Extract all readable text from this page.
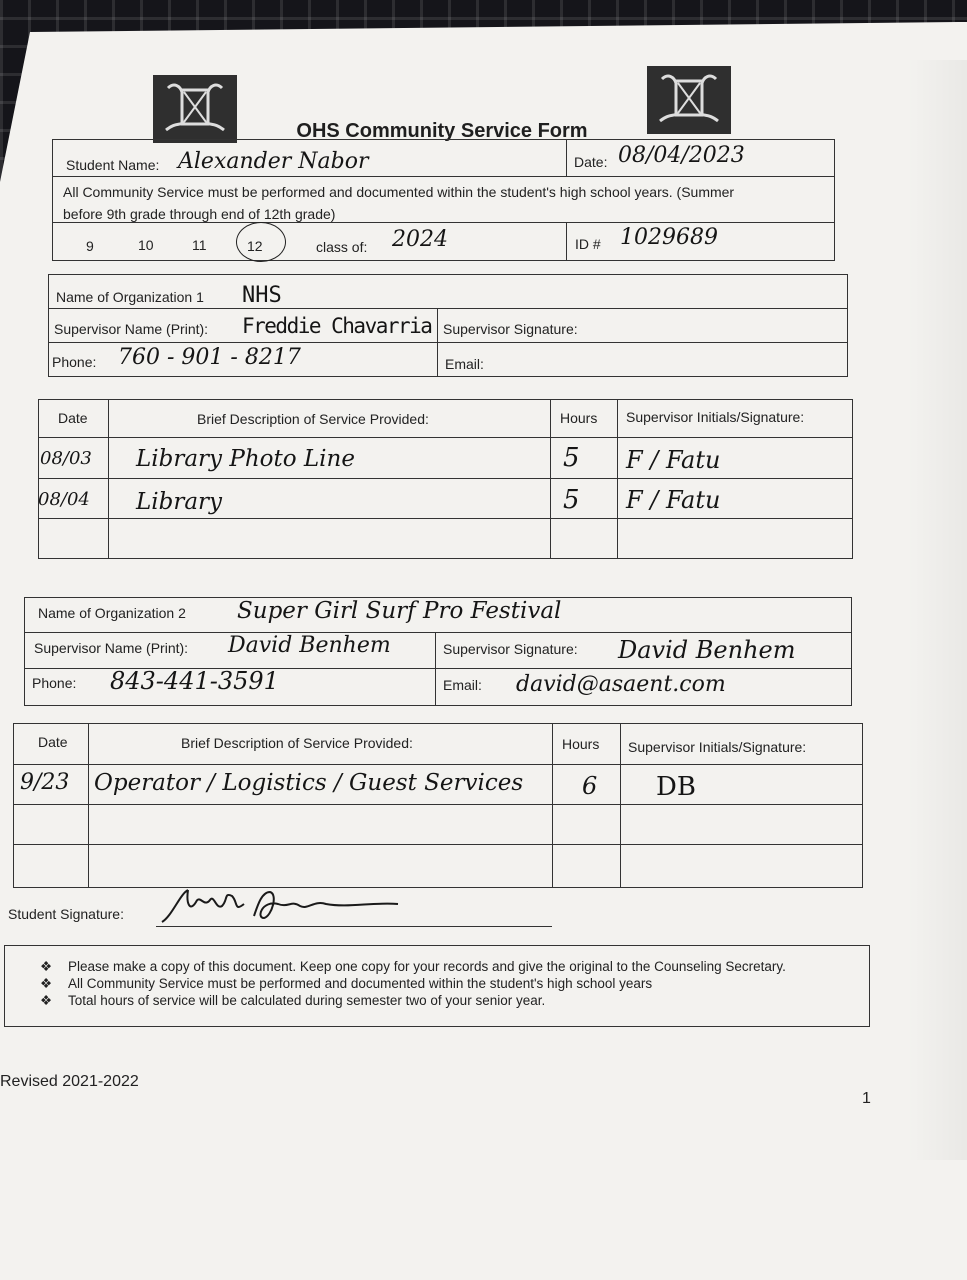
OHS Community Service Form
Student Name: Alexander Nabor	Date: 08/04/2023
All Community Service must be performed and documented within the student's high school years. (Summer
before 9th grade through end of 12th grade)
9	10	11	12	class of: 2024	ID # 1029689
Name of Organization 1 NHS
Supervisor Name (Print): Freddie Chavarria Supervisor Signature:
Phone: 760 - 901 - 8217	Email:
Date	Brief Description of Service Provided:	Hours Supervisor Initials/Signature:
08/03 Library Photo Line	5 F / Fatu
08/04 Library	5 F / Fatu
Name of Organization 2 Super Girl Surf Pro Festival
Supervisor Name (Print): David Benhem	Supervisor Signature: David Benhem
Phone: 843-441-3591	Email: david@asaent.com
Date	Brief Description of Service Provided:	Hours Supervisor Initials/Signature:
9/23 Operator / Logistics / Guest Services 6 DB
Student Signature:
❖ Please make a copy of this document. Keep one copy for your records and give the original to the Counseling Secretary.
❖ All Community Service must be performed and documented within the student's high school years
❖ Total hours of service will be calculated during semester two of your senior year.
Revised 2021-2022
1
